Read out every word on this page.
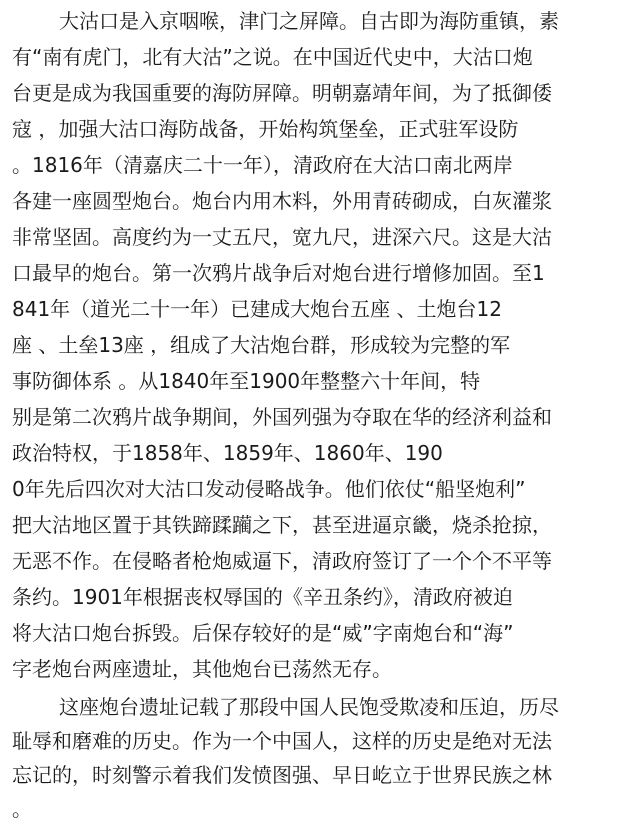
大沽口是入京咽喉，津门之屏障。自古即为海防重镇，素
有“南有虎门，北有大沽”之说。在中国近代史中，大沽口炮
台更是成为我国重要的海防屏障。明朝嘉靖年间，为了抵御倭
寇 ，加强大沽口海防战备，开始构筑堡垒，正式驻军设防
。1816年（清嘉庆二十一年），清政府在大沽口南北两岸
各建一座圆型炮台。炮台内用木料，外用青砖砌成，白灰灌浆
非常坚固。高度约为一丈五尺，宽九尺，进深六尺。这是大沽
口最早的炮台。第一次鸦片战争后对炮台进行增修加固。至1
841年（道光二十一年）已建成大炮台五座 、土炮台12
座 、土垒13座 ，组成了大沽炮台群，形成较为完整的军
事防御体系 。从1840年至1900年整整六十年间，特
别是第二次鸦片战争期间，外国列强为夺取在华的经济利益和
政治特权，于1858年、1859年、1860年、190
0年先后四次对大沽口发动侵略战争。他们依仗“船坚炮利”
把大沽地区置于其铁蹄蹂躏之下，甚至进逼京畿，烧杀抢掠，
无恶不作。在侵略者枪炮威逼下，清政府签订了一个个不平等
条约。1901年根据丧权辱国的《辛丑条约》，清政府被迫
将大沽口炮台拆毁。后保存较好的是“威”字南炮台和“海”
字老炮台两座遗址，其他炮台已荡然无存。
这座炮台遗址记载了那段中国人民饱受欺凌和压迫，历尽
耻辱和磨难的历史。作为一个中国人，这样的历史是绝对无法
忘记的，时刻警示着我们发愤图强、早日屹立于世界民族之林
。
